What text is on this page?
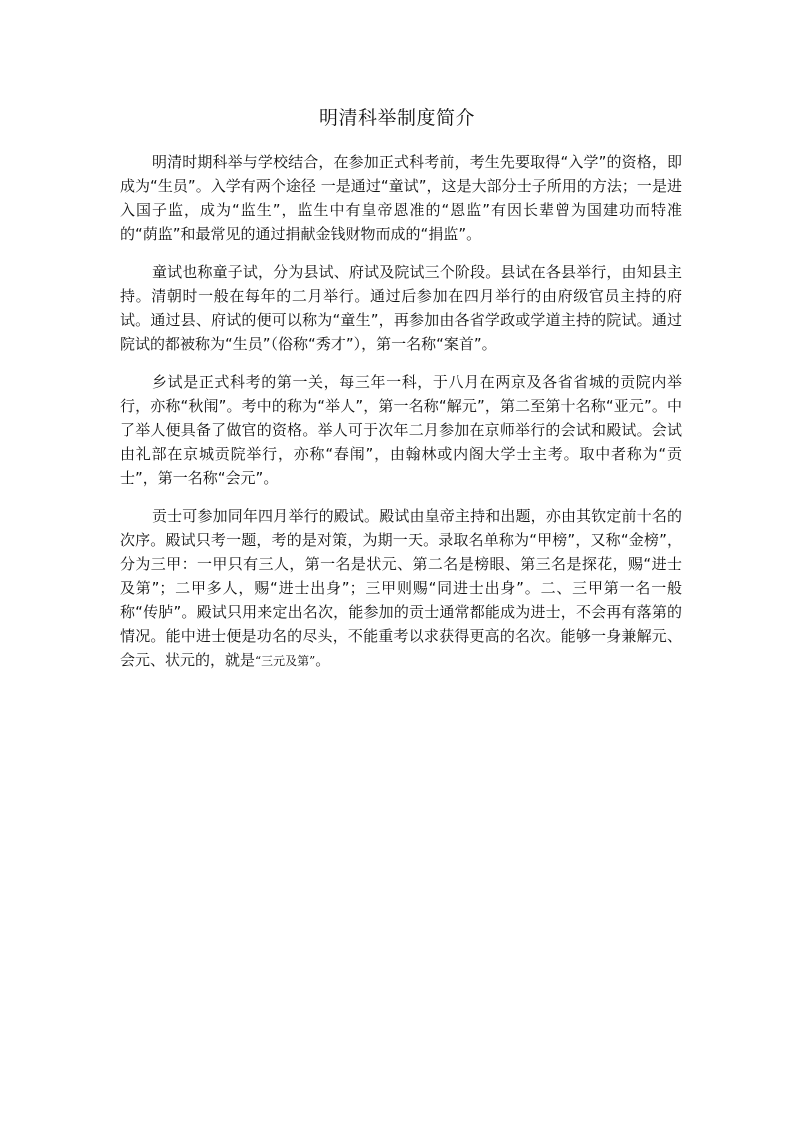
明清科举制度简介

明清时期科举与学校结合，在参加正式科考前，考生先要取得“入学”的资格，即成为“生员”。入学有两个途径 一是通过“童试”，这是大部分士子所用的方法；一是进入国子监，成为“监生”，监生中有皇帝恩准的“恩监”有因长辈曾为国建功而特准的“荫监”和最常见的通过捐献金钱财物而成的“捐监”。

童试也称童子试，分为县试、府试及院试三个阶段。县试在各县举行，由知县主持。清朝时一般在每年的二月举行。通过后参加在四月举行的由府级官员主持的府试。通过县、府试的便可以称为“童生”，再参加由各省学政或学道主持的院试。通过院试的都被称为“生员”（俗称“秀才”），第一名称“案首”。

乡试是正式科考的第一关，每三年一科，于八月在两京及各省省城的贡院内举行，亦称“秋闱”。考中的称为“举人”，第一名称“解元”，第二至第十名称“亚元”。中了举人便具备了做官的资格。举人可于次年二月参加在京师举行的会试和殿试。会试由礼部在京城贡院举行，亦称“春闱”，由翰林或内阁大学士主考。取中者称为“贡士”，第一名称“会元”。

贡士可参加同年四月举行的殿试。殿试由皇帝主持和出题，亦由其钦定前十名的次序。殿试只考一题，考的是对策，为期一天。录取名单称为“甲榜”，又称“金榜”，分为三甲：一甲只有三人，第一名是状元、第二名是榜眼、第三名是探花，赐“进士及第”；二甲多人，赐“进士出身”；三甲则赐“同进士出身”。二、三甲第一名一般称“传胪”。殿试只用来定出名次，能参加的贡士通常都能成为进士，不会再有落第的情况。能中进士便是功名的尽头，不能重考以求获得更高的名次。能够一身兼解元、会元、状元的，就是“三元及第”。
